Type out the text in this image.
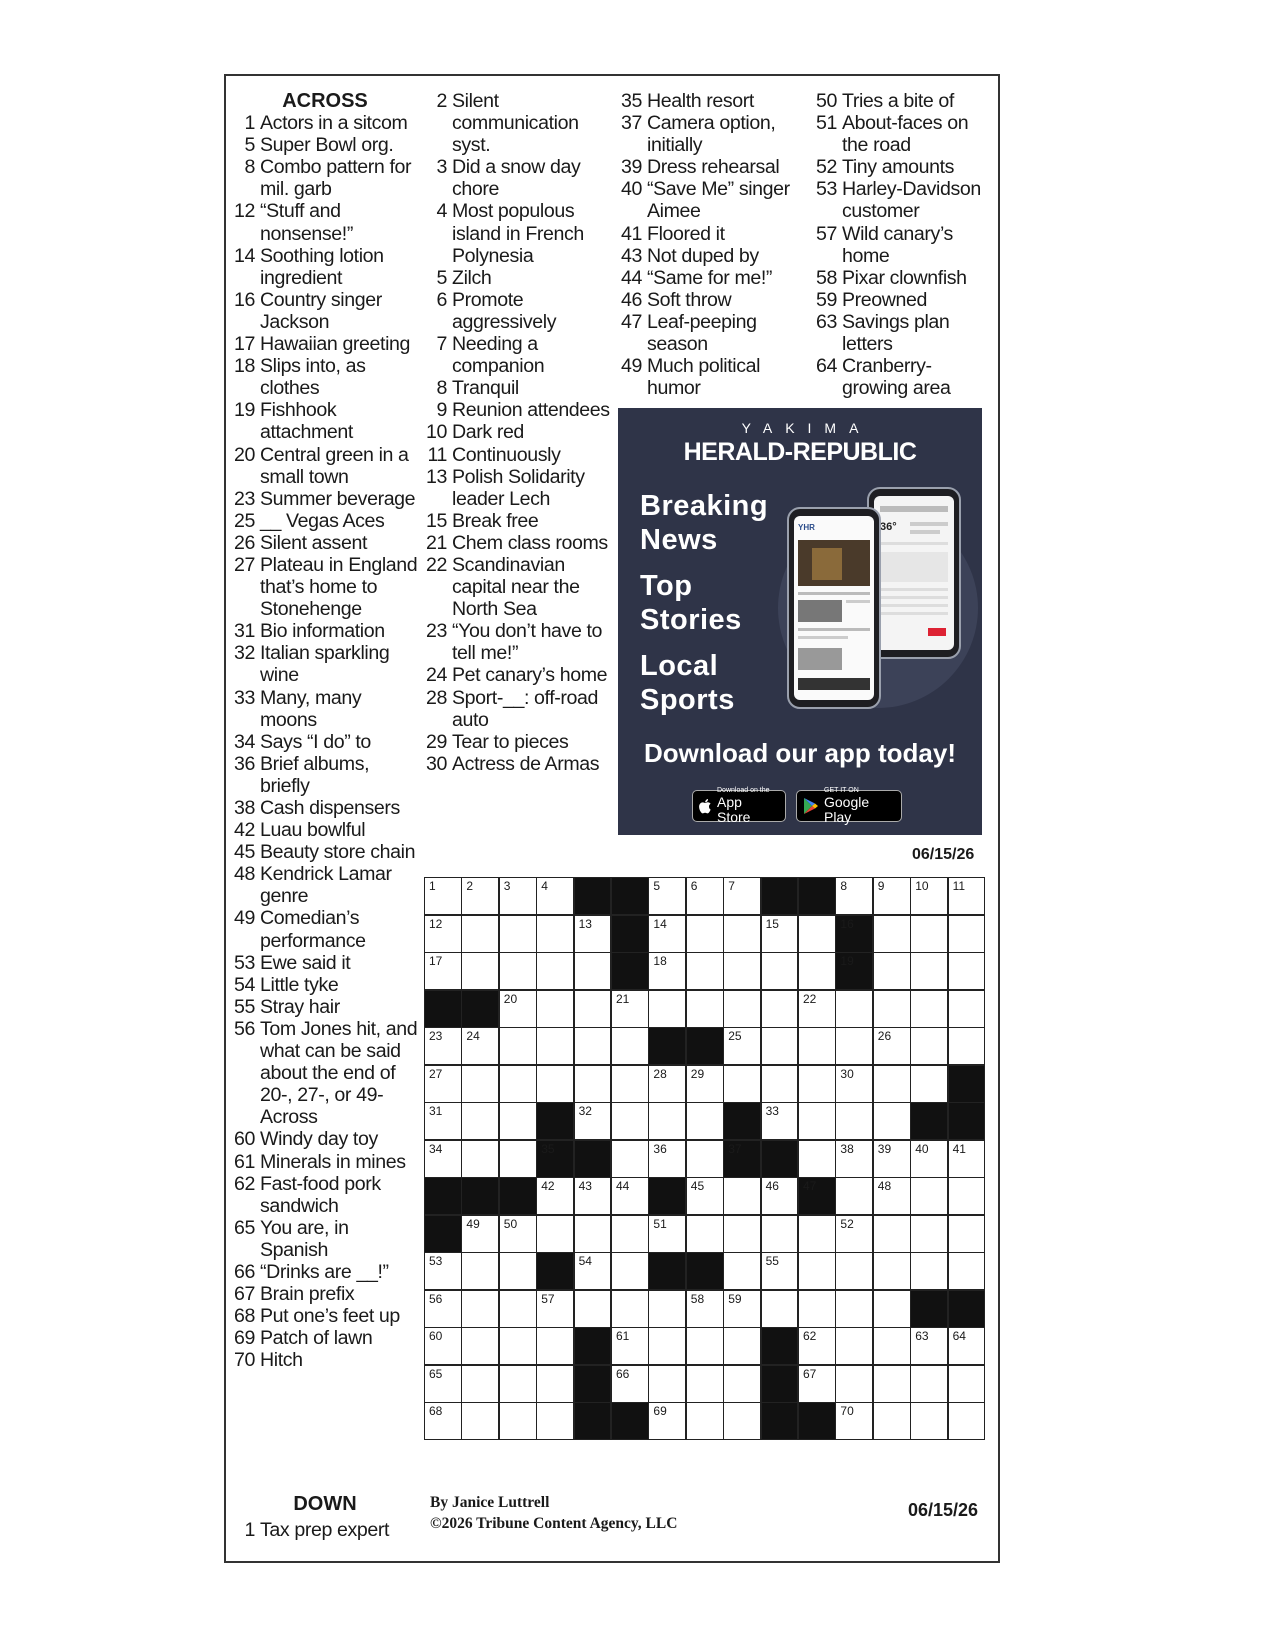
ACROSS
1 Actors in a sitcom
5 Super Bowl org.
8 Combo pattern for mil. garb
12 “Stuff and nonsense!”
14 Soothing lotion ingredient
16 Country singer Jackson
17 Hawaiian greeting
18 Slips into, as clothes
19 Fishhook attachment
20 Central green in a small town
23 Summer beverage
25 __ Vegas Aces
26 Silent assent
27 Plateau in England that’s home to Stonehenge
31 Bio information
32 Italian sparkling wine
33 Many, many moons
34 Says “I do” to
36 Brief albums, briefly
38 Cash dispensers
42 Luau bowlful
45 Beauty store chain
48 Kendrick Lamar genre
49 Comedian’s performance
53 Ewe said it
54 Little tyke
55 Stray hair
56 Tom Jones hit, and what can be said about the end of 20-, 27-, or 49-Across
60 Windy day toy
61 Minerals in mines
62 Fast-food pork sandwich
65 You are, in Spanish
66 “Drinks are __!”
67 Brain prefix
68 Put one’s feet up
69 Patch of lawn
70 Hitch
2 Silent communication syst.
3 Did a snow day chore
4 Most populous island in French Polynesia
5 Zilch
6 Promote aggressively
7 Needing a companion
8 Tranquil
9 Reunion attendees
10 Dark red
11 Continuously
13 Polish Solidarity leader Lech
15 Break free
21 Chem class rooms
22 Scandinavian capital near the North Sea
23 “You don’t have to tell me!”
24 Pet canary’s home
28 Sport-__: off-road auto
29 Tear to pieces
30 Actress de Armas
35 Health resort
37 Camera option, initially
39 Dress rehearsal
40 “Save Me” singer Aimee
41 Floored it
43 Not duped by
44 “Same for me!”
46 Soft throw
47 Leaf-peeping season
49 Much political humor
50 Tries a bite of
51 About-faces on the road
52 Tiny amounts
53 Harley-Davidson customer
57 Wild canary’s home
58 Pixar clownfish
59 Preowned
63 Savings plan letters
64 Cranberry-growing area
DOWN
1 Tax prep expert
YAKIMA
HERALD-REPUBLIC
Breaking
News
Top
Stories
Local
Sports
36°
YHR
Download our app today!
Download on the
App Store
GET IT ON
Google Play
06/15/26
1	2	3	4	5	6	7	8	9	10 11
12	13	14	15	16
17	18	19
20	21	22
23 24	25	26
27	28 29	30
31	32	33
34	35	36	37	38 39 40 41
42 43 44	45	46 47	48
49 50	51	52
53	54	55
56	57	58 59
60	61	62	63 64
65	66	67
68	69	70
By Janice Luttrell
©2026 Tribune Content Agency, LLC
06/15/26
